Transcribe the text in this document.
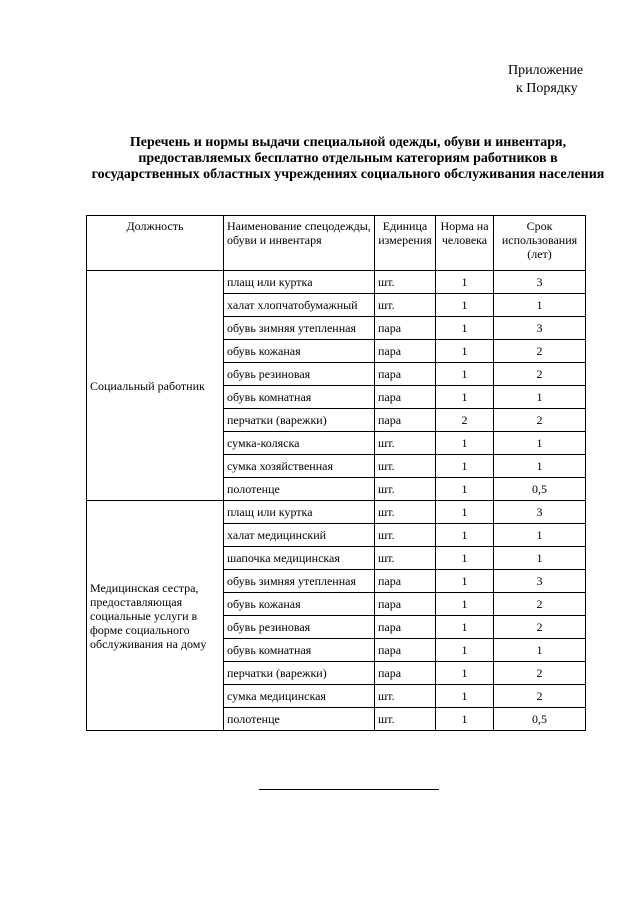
Приложение
к Порядку
Перечень и нормы выдачи специальной одежды, обуви и инвентаря, предоставляемых бесплатно отдельным категориям работников в государственных областных учреждениях социального обслуживания населения
Должность	Наименование спецодежды, обуви и инвентаря	Единица измерения	Норма на человека	Срок использования (лет)
Социальный работник	плащ или куртка	шт.	1	3
	халат хлопчатобумажный	шт.	1	1
	обувь зимняя утепленная	пара	1	3
	обувь кожаная	пара	1	2
	обувь резиновая	пара	1	2
	обувь комнатная	пара	1	1
	перчатки (варежки)	пара	2	2
	сумка-коляска	шт.	1	1
	сумка хозяйственная	шт.	1	1
	полотенце	шт.	1	0,5
Медицинская сестра, предоставляющая социальные услуги в форме социального обслуживания на дому	плащ или куртка	шт.	1	3
	халат медицинский	шт.	1	1
	шапочка медицинская	шт.	1	1
	обувь зимняя утепленная	пара	1	3
	обувь кожаная	пара	1	2
	обувь резиновая	пара	1	2
	обувь комнатная	пара	1	1
	перчатки (варежки)	пара	1	2
	сумка медицинская	шт.	1	2
	полотенце	шт.	1	0,5
